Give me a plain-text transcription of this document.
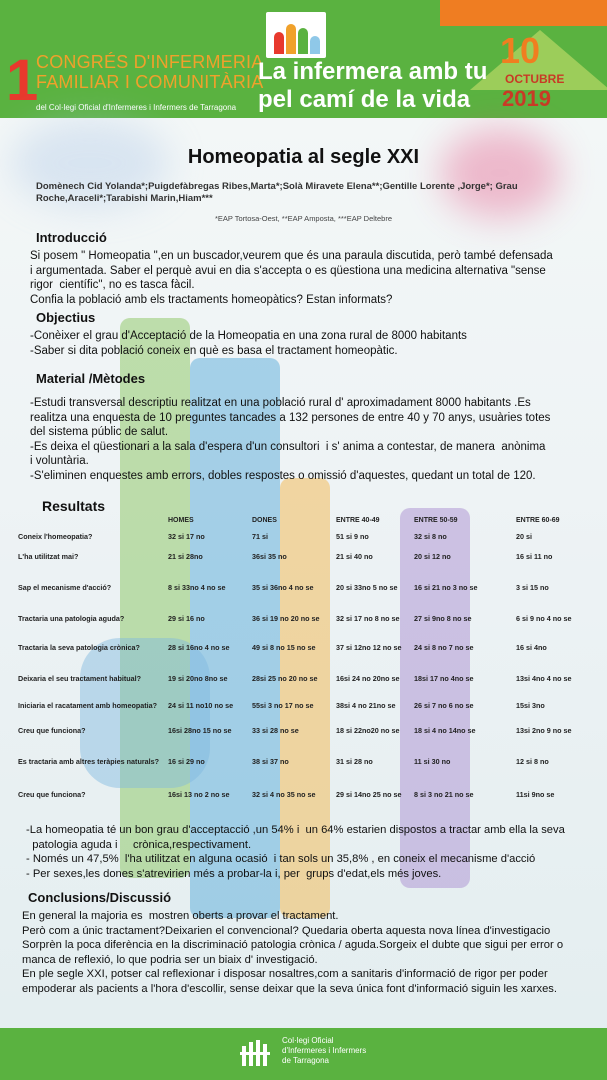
1
CONGRÉS D'INFERMERIA
FAMILIAR I COMUNITÀRIA
del Col·legi Oficial d'Infermeres i Infermers de Tarragona
La infermera amb tu
pel camí de la vida
10
OCTUBRE
2019
Homeopatia al segle XXI
Domènech Cid Yolanda*;Puigdefàbregas Ribes,Marta*;Solà Miravete Elena**;Gentille Lorente ,Jorge*; Grau Roche,Araceli*;Tarabishi Marin,Hiam***
*EAP Tortosa-Oest, **EAP Amposta, ***EAP Deltebre
Introducció
Si posem " Homeopatia ",en un buscador,veurem que és una paraula discutida, però també defensada
i argumentada. Saber el perquè avui en dia s'accepta o es qüestiona una medicina alternativa "sense
rigor  científic", no es tasca fàcil.
Confia la població amb els tractaments homeopàtics? Estan informats?
Objectius
-Conèixer el grau d'Acceptació de la Homeopatia en una zona rural de 8000 habitants
-Saber si dita població coneix en què es basa el tractament homeopàtic.
Material /Mètodes
-Estudi transversal descriptiu realitzat en una població rural d' aproximadament 8000 habitants .Es
realitza una enquesta de 10 preguntes tancades a 132 persones de entre 40 y 70 anys, usuàries totes
del sistema públic de salut.
-Es deixa el qüestionari a la sala d'espera d'un consultori  i s' anima a contestar, de manera  anònima
i voluntària.
-S'eliminen enquestes amb errors, dobles respostes o omissió d'aquestes, quedant un total de 120.
Resultats
	HOMES	DONES	ENTRE 40-49	ENTRE 50-59	ENTRE 60-69
Coneix l'homeopatia?	32 si 17 no	71 si	51 si 9 no	32 si 8 no	20 si
L'ha utilitzat mai?	21 si 28no	36si 35 no	21 si 40 no	20 si 12 no	16 si 11 no
Sap el mecanisme d'acció?	8 si 33no 4 no se	35 si 36no 4 no se	20 si 33no 5 no se	16 si 21 no 3 no se	3 si 15 no
Tractaria una patologia aguda?	29 si 16 no	36 si 19 no 20 no se	32 si 17 no 8 no se	27 si 9no 8 no se	6 si 9 no 4 no se
Tractaria la seva patologia crònica?	28 si 16no 4 no se	49 si 8 no 15 no se	37 si 12no 12 no se	24 si 8 no 7 no se	16 si 4no
Deixaria el seu tractament habitual?	19 si 20no 8no se	28si 25 no 20 no se	16si 24 no 20no se	18si 17 no 4no se	13si 4no 4 no se
Iniciaria el racatament amb homeopatia?	24 si 11 no10 no se	55si 3 no 17 no se	38si 4 no 21no se	26 si 7 no 6 no se	15si 3no
Creu que funciona?	16si 28no 15 no se	33 si 28 no se	18 si 22no20 no se	18 si 4 no 14no se	13si 2no 9 no se
Es tractaria amb altres teràpies naturals?	16 si 29 no	38 si 37 no	31 si 28 no	11 si 30 no	12 si 8 no
Creu que funciona?	16si 13 no 2 no se	32 si 4 no 35 no se	29 si 14no 25 no se	8 si 3 no 21 no se	11si 9no se
-La homeopatia té un bon grau d'acceptacció ,un 54% i  un 64% estarien dispostos a tractar amb ella la seva
patologia aguda i     crònica,respectivament.
- Només un 47,5%  l'ha utilitzat en alguna ocasió  i tan sols un 35,8% , en coneix el mecanisme d'acció
- Per sexes,les dones s'atrevirien més a probar-la i, per  grups d'edat,els més joves.
Conclusions/Discussió
En general la majoria es  mostren oberts a provar el tractament.
Però com a únic tractament?Deixarien el convencional? Quedaria oberta aquesta nova línea d'investigacio
Sorprèn la poca diferència en la discriminació patologia crònica / aguda.Sorgeix el dubte que sigui per error o
manca de reflexió, lo que podria ser un biaix d' investigació.
En ple segle XXI, potser cal reflexionar i disposar nosaltres,com a sanitaris d'informació de rigor per poder
empoderar als pacients a l'hora d'escollir, sense deixar que la seva única font d'informació siguin les xarxes.
Col·legi Oficial
d'Infermeres i Infermers
de Tarragona
